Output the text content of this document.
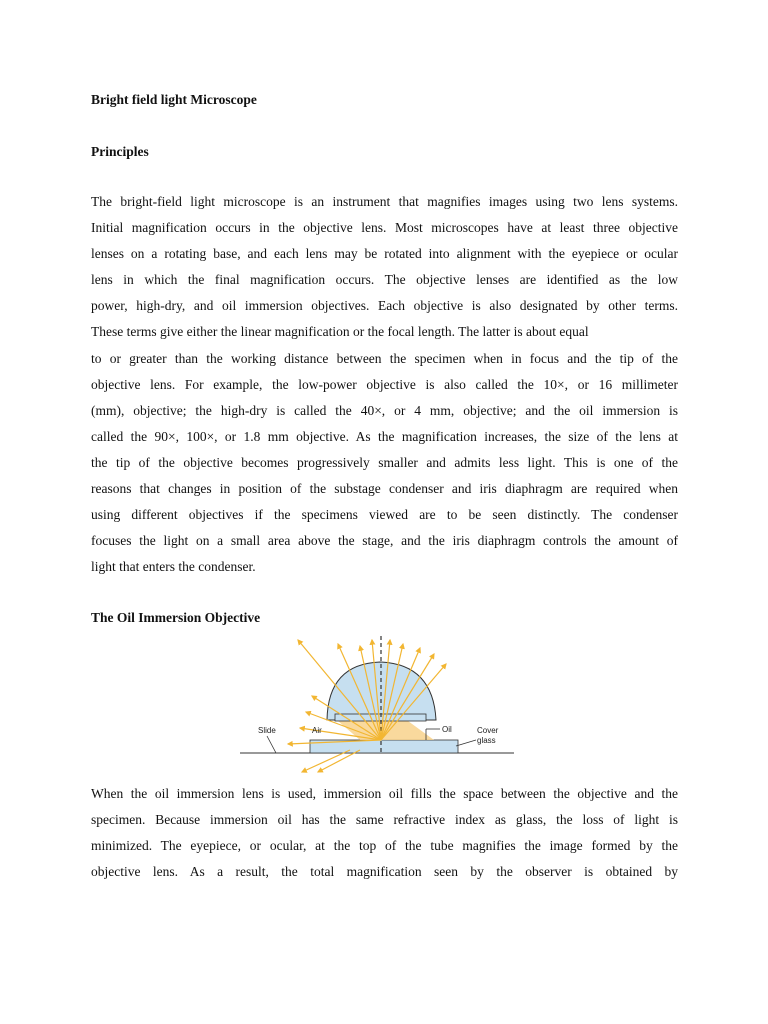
Bright field light Microscope
Principles

The bright-field light microscope is an instrument that magnifies images using two lens systems.
Initial magnification occurs in the objective lens. Most microscopes have at least three objective
lenses on a rotating base, and each lens may be rotated into alignment with the eyepiece or ocular
lens in which the final magnification occurs. The objective lenses are identified as the low
power, high-dry, and oil immersion objectives. Each objective is also designated by other terms.
These terms give either the linear magnification or the focal length. The latter is about equal
to or greater than the working distance between the specimen when in focus and the tip of the
objective lens. For example, the low-power objective is also called the 10×, or 16 millimeter
(mm), objective; the high-dry is called the 40×, or 4 mm, objective; and the oil immersion is
called the 90×, 100×, or 1.8 mm objective. As the magnification increases, the size of the lens at
the tip of the objective becomes progressively smaller and admits less light. This is one of the
reasons that changes in position of the substage condenser and iris diaphragm are required when
using different objectives if the specimens viewed are to be seen distinctly. The condenser
focuses the light on a small area above the stage, and the iris diaphragm controls the amount of
light that enters the condenser.

The Oil Immersion Objective
Slide	Air	Oil	Cover
glass

When the oil immersion lens is used, immersion oil fills the space between the objective and the
specimen. Because immersion oil has the same refractive index as glass, the loss of light is
minimized. The eyepiece, or ocular, at the top of the tube magnifies the image formed by the
objective lens. As a result, the total magnification seen by the observer is obtained by
